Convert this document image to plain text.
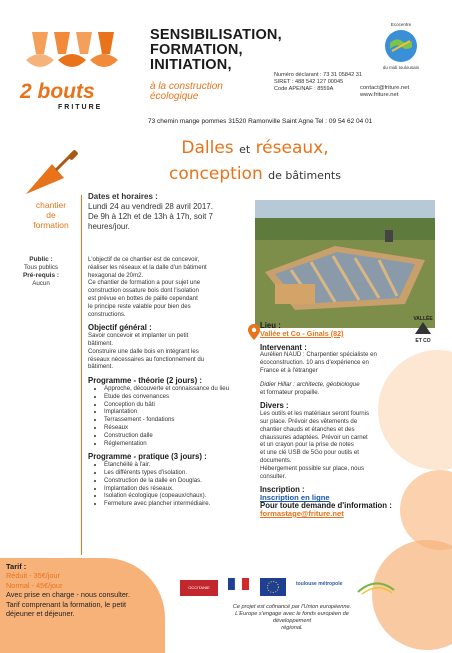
2 bouts
FRITURE
SENSIBILISATION,
FORMATION,
INITIATION,
à la construction
écologique
Numéro déclarant : 73 31 05842 31
SIRET : 488 542 127 00045
Code APE/NAF : 8559A	contact@friture.net
www.friture.net
73 chemin mange pommes 31520 Ramonville Saint Agne Tel : 09 54 62 04 01
Ecocentre
du midi toulousain
Dalles et réseaux,
conception de bâtiments
chantier
de
formation
Public :
Tous publics
Pré-requis :
Aucun
Dates et horaires :
Lundi 24 au vendredi 28 avril 2017.
De 9h à 12h et de 13h à 17h, soit 7
heures/jour.
L'objectif de ce chantier est de concevoir,
réaliser les réseaux et la dalle d'un bâtiment
hexagonal de 20m2.
Ce chantier de formation a pour sujet une
construction ossature bois dont l'isolation
est prévue en bottes de paille cependant
le principe reste valable pour bien des
constructions.
Objectif général :
Savoir concevoir et implanter un petit
bâtiment.
Construire une dalle bois en intégrant les
réseaux nécessaires au fonctionnement du
bâtiment.
Programme - théorie (2 jours) :
• Approche, découverte et connaissance du lieu
• Etude des convenances
• Conception du bâti
• Implantation
• Terrassement - fondations
• Réseaux
• Construction dalle
• Réglementation
Programme - pratique (3 jours) :
• Étanchéité à l'air.
• Les différents types d'isolation.
• Construction de la dalle en Douglas.
• Implantation des réseaux.
• Isolation écologique (copeaux/chaux).
• Fermeture avec plancher intermédiaire.
VALLÉE
ET CO
Lieu :
Vallée et Co - Ginals (82)
Intervenant :
Aurélien NAUD : Charpentier spécialiste en
écoconstruction. 10 ans d'expérience en
France et à l'étranger
Didier Hillar : architecte, géobiologue
et formateur propaille.
Divers :
Les outils et les matériaux seront fournis
sur place. Prévoir des vêtements de
chantier chauds et étanches et des
chaussures adaptées. Prévoir un carnet
et un crayon pour la prise de notes
et une clé USB de 5Go pour outils et
documents.
Hébergement possible sur place, nous
consulter.
Inscription :
Inscription en ligne
Pour toute demande d'information :
formastage@friture.net
Tarif :
Réduit - 35€/jour
Normal - 45€/jour
Avec prise en charge - nous consulter.
Tarif comprenant la formation, le petit
déjeuner et déjeuner.
OCCITANIE
toulouse métropole
Ce projet est cofinancé par l'Union européenne.
L'Europe s'engage avec le fonds européen de développement
régional.
